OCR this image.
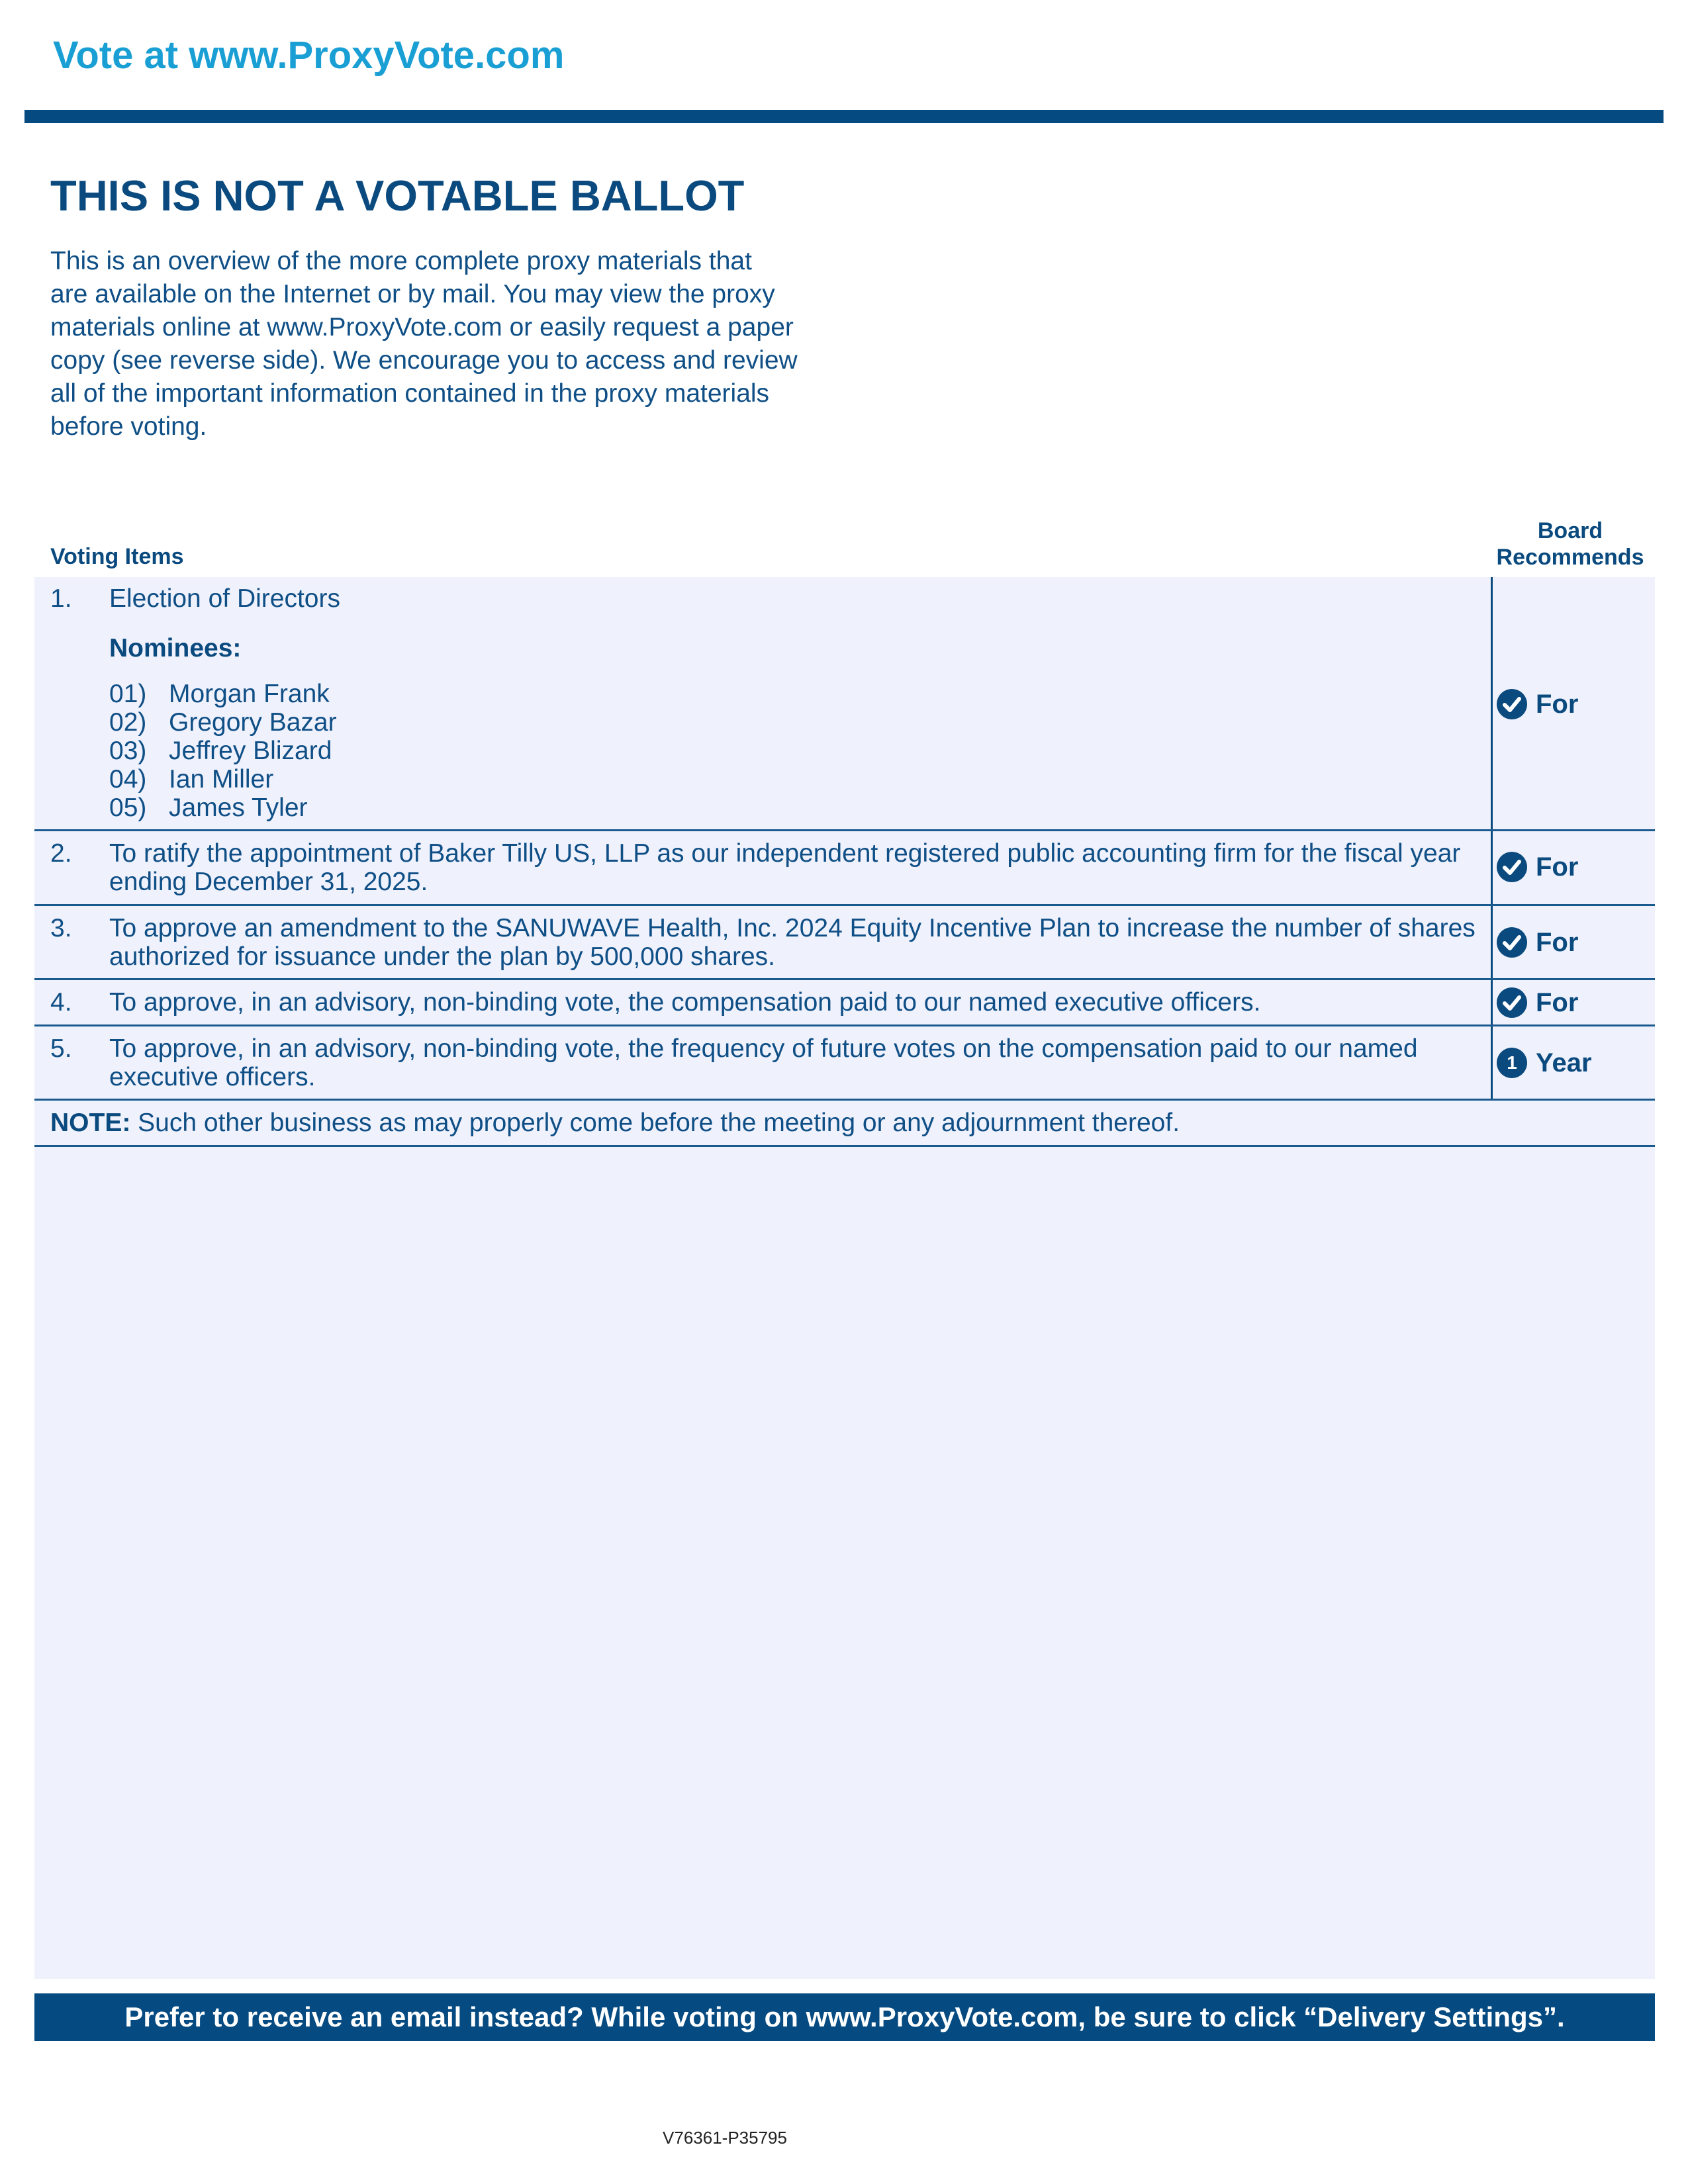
Vote at www.ProxyVote.com
THIS IS NOT A VOTABLE BALLOT

This is an overview of the more complete proxy materials that
are available on the Internet or by mail. You may view the proxy
materials online at www.ProxyVote.com or easily request a paper
copy (see reverse side). We encourage you to access and review
all of the important information contained in the proxy materials
before voting.

Voting Items
Board
Recommends
1. Election of Directors
Nominees:
01) Morgan Frank
02) Gregory Bazar
03) Jeffrey Blizard
04) Ian Miller
05) James Tyler
For
2. To ratify the appointment of Baker Tilly US, LLP as our independent registered public accounting firm for the fiscal year
ending December 31, 2025.
For
3. To approve an amendment to the SANUWAVE Health, Inc. 2024 Equity Incentive Plan to increase the number of shares
authorized for issuance under the plan by 500,000 shares.	For
4. To approve, in an advisory, non-binding vote, the compensation paid to our named executive officers.	For
5. To approve, in an advisory, non-binding vote, the frequency of future votes on the compensation paid to our named
executive officers.
1 Year
NOTE: Such other business as may properly come before the meeting or any adjournment thereof.
Prefer to receive an email instead? While voting on www.ProxyVote.com, be sure to click “Delivery Settings”.
V76361-P35795
